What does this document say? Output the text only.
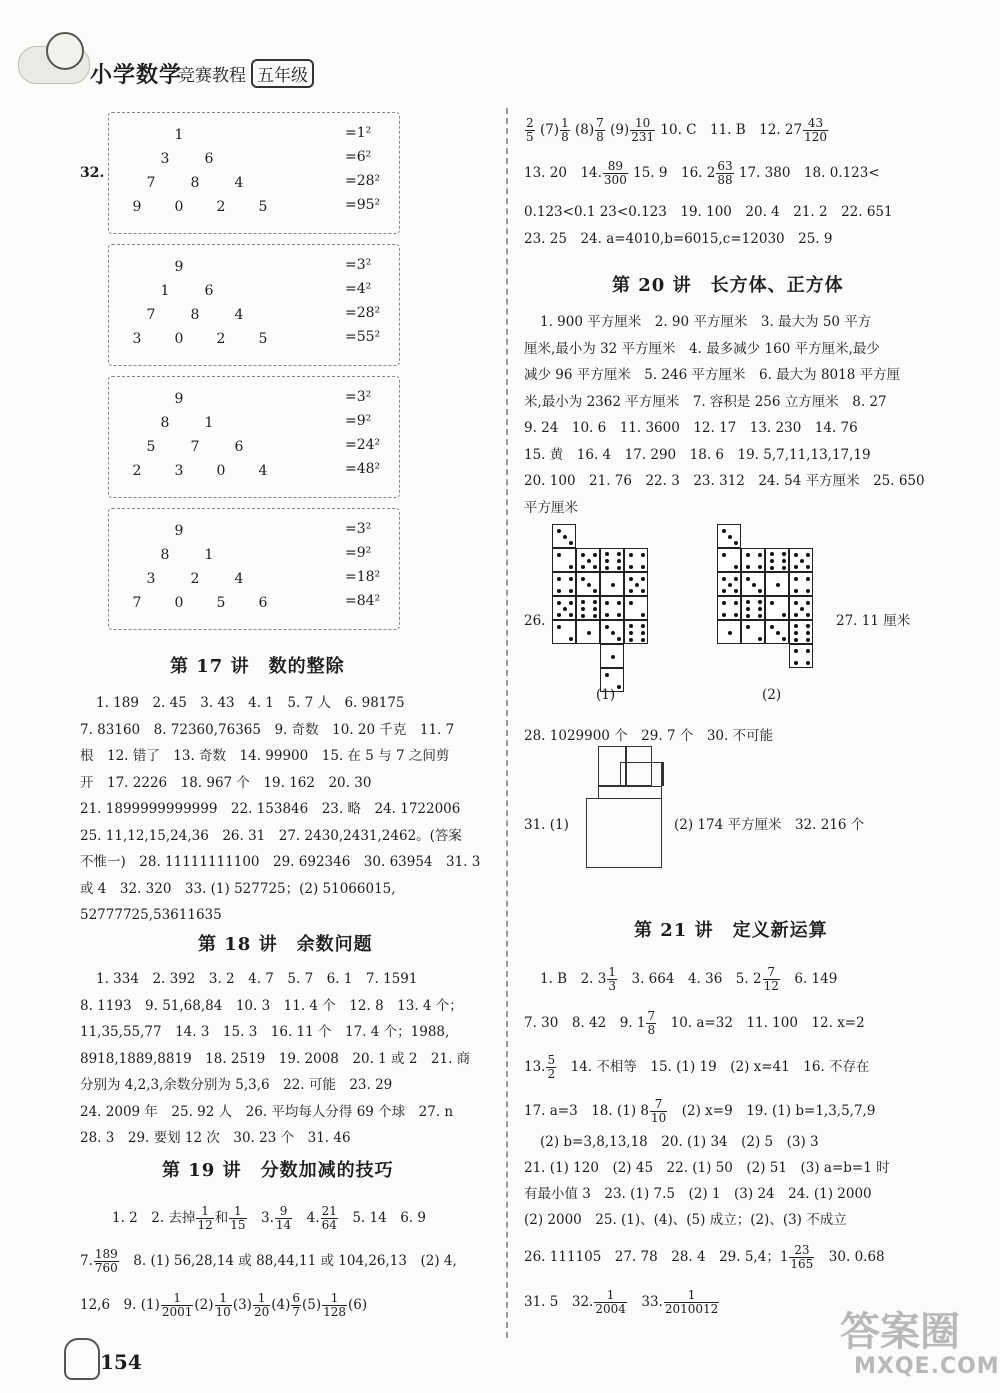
小学数学
竞赛教程 五年级
32.
1	=1²
3	6	=6²
7	8	4	=28²
9	0	2	5	=95²
9	=3²
1	6	=4²
7	8	4	=28²
3	0	2	5	=55²
9	=3²
8	1	=9²
5	7	6	=24²
2	3	0	4	=48²
9	=3²
8	1	=9²
3	2	4	=18²
7	0	5	6	=84²
第 17 讲　数的整除
1. 189　2. 45　3. 43　4. 1　5. 7 人　6. 98175
7. 83160　8. 72360,76365　9. 奇数　10. 20 千克　11. 7
根　12. 错了　13. 奇数　14. 99900　15. 在 5 与 7 之间剪
开　17. 2226　18. 967 个　19. 162　20. 30
21. 1899999999999　22. 153846　23. 略　24. 1722006
25. 11,12,15,24,36　26. 31　27. 2430,2431,2462。(答案
不惟一)　28. 11111111100　29. 692346　30. 63954　31. 3
或 4　32. 320　33. (1) 527725；(2) 51066015,
52777725,53611635
第 18 讲　余数问题
1. 334　2. 392　3. 2　4. 7　5. 7　6. 1　7. 1591
8. 1193　9. 51,68,84　10. 3　11. 4 个　12. 8　13. 4 个；
11,35,55,77　14. 3　15. 3　16. 11 个　17. 4 个；1988,
8918,1889,8819　18. 2519　19. 2008　20. 1 或 2　21. 商
分别为 4,2,3,余数分别为 5,3,6　22. 可能　23. 29
24. 2009 年　25. 92 人　26. 平均每人分得 69 个球　27. n
28. 3　29. 要划 12 次　30. 23 个　31. 46
第 19 讲　分数加减的技巧
1. 2　2. 去掉 $\frac{1}{12}$ 和 $\frac{1}{15}$ 　3. $\frac{9}{14}$ 　4. $\frac{21}{64}$ 　5. 14　6. 9
7. $\frac{189}{760}$ 　8. (1) 56,28,14 或 88,44,11 或 104,26,13　(2) 4,
12,6　9. $(1) \frac{1}{2001} (2) \frac{1}{10} (3) \frac{1}{20} (4) \frac{6}{7} (5) \frac{1}{128} (6)$
$\frac{2}{5} (7) \frac{1}{8} (8) \frac{7}{8} (9) \frac{10}{231} 10$. C　11. B　12. $27 \frac{43}{120}$
13. 20　14. $\frac{89}{300} 15$. 9　16. $2 \frac{63}{88} 17$. 380　18. 0.123<
0.123<0.1 23<0.123　19. 100　20. 4　21. 2　22. 651
23. 25　24. a=4010,b=6015,c=12030　25. 9
第 20 讲　长方体、正方体
1. 900 平方厘米　2. 90 平方厘米　3. 最大为 50 平方
厘米,最小为 32 平方厘米　4. 最多减少 160 平方厘米,最少
减少 96 平方厘米　5. 246 平方厘米　6. 最大为 8018 平方厘
米,最小为 2362 平方厘米　7. 容积是 256 立方厘米　8. 27
9. 24　10. 6　11. 3600　12. 17　13. 230　14. 76
15. 黄　16. 4　17. 290　18. 6　19. 5,7,11,13,17,19
20. 100　21. 76　22. 3　23. 312　24. 54 平方厘米　25. 650
平方厘米
26.
(1)	(2)
27. 11 厘米
28. 1029900 个　29. 7 个　30. 不可能
31. (1)	(2) 174 平方厘米　32. 216 个
第 21 讲　定义新运算
1. B　2. $3 \frac{1}{3}$ 　3. 664　4. 36　5. $2 \frac{7}{12}$ 　6. 149
7. 30　8. 42　9. $1 \frac{7}{8}$ 　10. a=32　11. 100　12. x=2
13. $\frac{5}{2}$ 　14. 不相等　15. (1) 19　(2) x=41　16. 不存在
17. a=3　18. (1) $8 \frac{7}{10}$ 　(2) x=9　19. (1) b=1,3,5,7,9
(2) b=3,8,13,18　20. (1) 34　(2) 5　(3) 3
21. (1) 120　(2) 45　22. (1) 50　(2) 51　(3) a=b=1 时
有最小值 3　23. (1) 7.5　(2) 1　(3) 24　24. (1) 2000
(2) 2000　25. (1)、(4)、(5) 成立；(2)、(3) 不成立
26. 111105　27. 78　28. 4　29. 5,4；$1 \frac{23}{165}$ 　30. 0.68
31. 5　32. $\frac{1}{2004}$ 　33. $\frac{1}{2010012}$
154
答案圈
MXQE.COM
